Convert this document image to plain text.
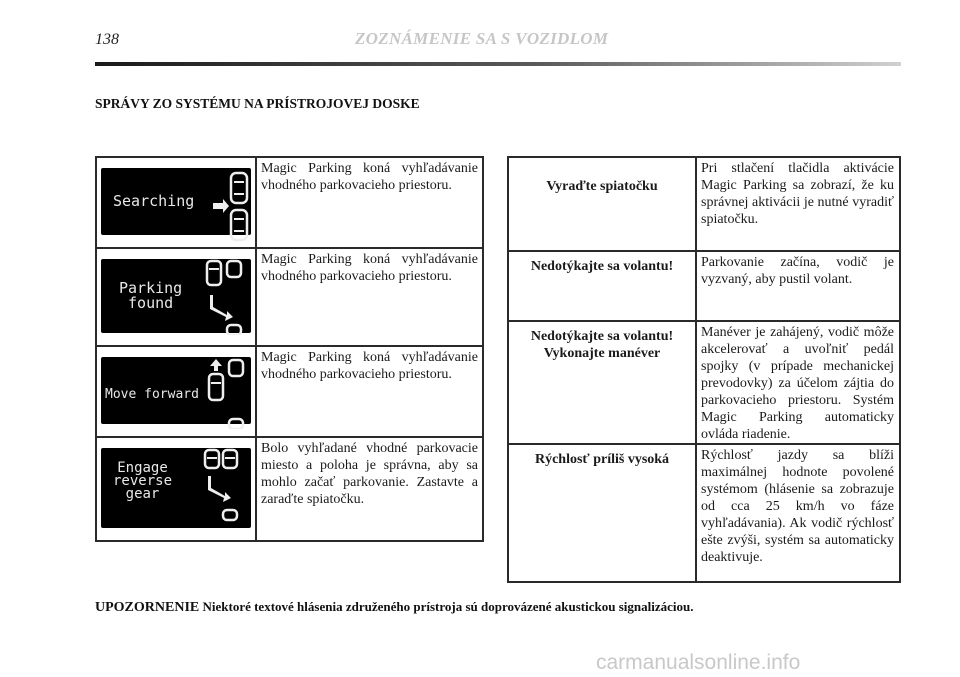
138	ZOZNÁMENIE SA S VOZIDLOM
SPRÁVY ZO SYSTÉMU NA PRÍSTROJOVEJ DOSKE
Searching	Magic Parking koná vyhľadávanie vhodného parkovacieho priestoru.

Parking
found	Magic Parking koná vyhľadávanie vhodného parkovacieho priestoru.

Move forward	Magic Parking koná vyhľadávanie vhodného parkovacieho priestoru.

Engage
reverse
gear	Bolo vyhľadané vhodné parkovacie miesto a poloha je správna, aby sa mohlo začať parkovanie. Zastavte a zaraďte spiatočku.
Vyraďte spiatočku	Pri stlačení tlačidla aktivácie Magic Parking sa zobrazí, že ku správnej aktivácii je nutné vyradiť spiatočku.
Nedotýkajte sa volantu!	Parkovanie začína, vodič je vyzvaný, aby pustil volant.
Nedotýkajte sa volantu! Vykonajte manéver	Manéver je zahájený, vodič môže akcelerovať a uvoľniť pedál spojky (v prípade mechanickej prevodovky) za účelom zájtia do parkovacieho priestoru. Systém Magic Parking automaticky ovláda riadenie.
Rýchlosť príliš vysoká	Rýchlosť jazdy sa blíži maximálnej hodnote povolené systémom (hlásenie sa zobrazuje od cca 25 km/h vo fáze vyhľadávania). Ak vodič rýchlosť ešte zvýši, systém sa automaticky deaktivuje.
UPOZORNENIE Niektoré textové hlásenia združeného prístroja sú doprovázené akustickou signalizáciou.
carmanualsonline.info
